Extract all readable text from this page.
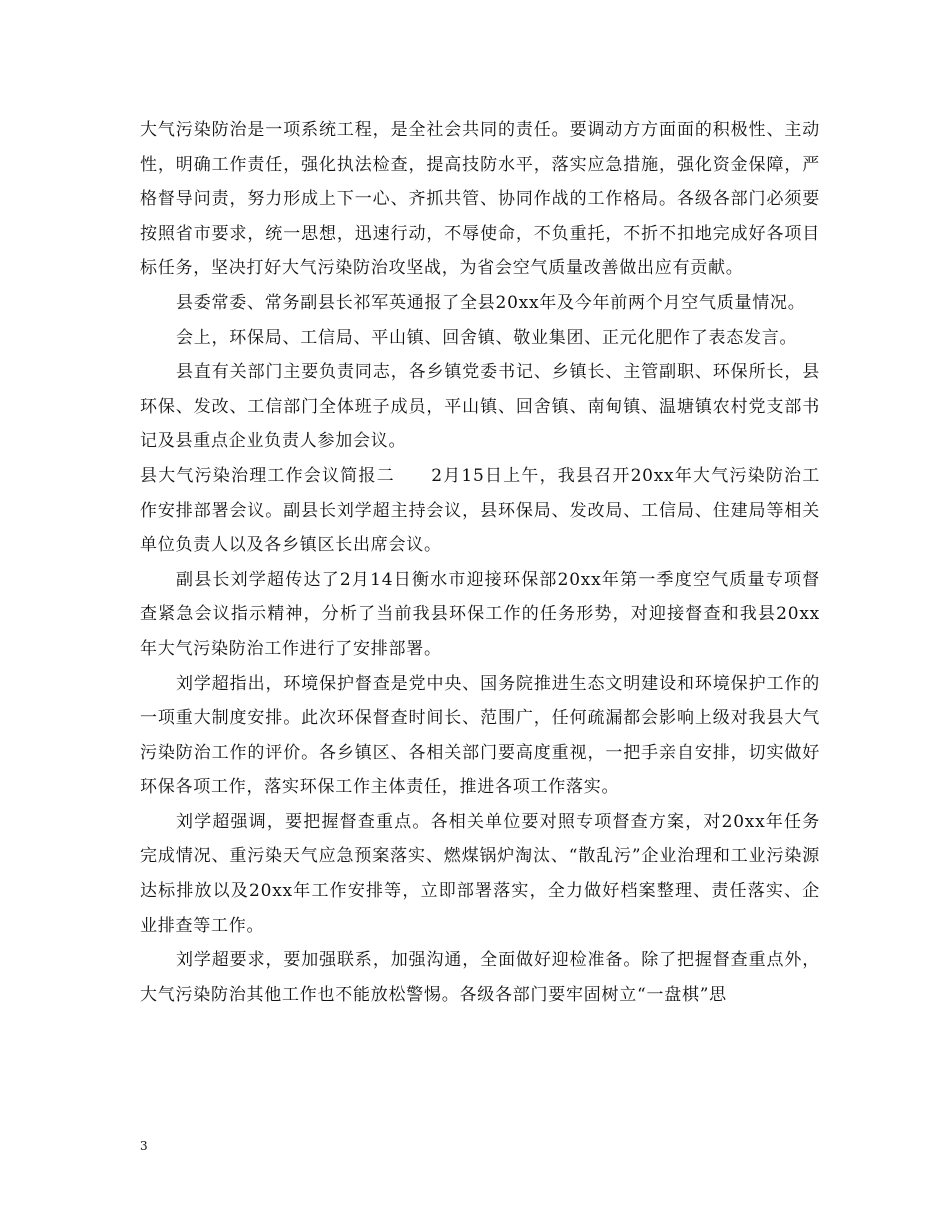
大气污染防治是一项系统工程，是全社会共同的责任。要调动方方面面的积极性、主动性，明确工作责任，强化执法检查，提高技防水平，落实应急措施，强化资金保障，严格督导问责，努力形成上下一心、齐抓共管、协同作战的工作格局。各级各部门必须要按照省市要求，统一思想，迅速行动，不辱使命，不负重托，不折不扣地完成好各项目标任务，坚决打好大气污染防治攻坚战，为省会空气质量改善做出应有贡献。

县委常委、常务副县长祁军英通报了全县20xx年及今年前两个月空气质量情况。

会上，环保局、工信局、平山镇、回舍镇、敬业集团、正元化肥作了表态发言。

县直有关部门主要负责同志，各乡镇党委书记、乡镇长、主管副职、环保所长，县环保、发改、工信部门全体班子成员，平山镇、回舍镇、南甸镇、温塘镇农村党支部书记及县重点企业负责人参加会议。

县大气污染治理工作会议简报二　　2月15日上午，我县召开20xx年大气污染防治工作安排部署会议。副县长刘学超主持会议，县环保局、发改局、工信局、住建局等相关单位负责人以及各乡镇区长出席会议。

副县长刘学超传达了2月14日衡水市迎接环保部20xx年第一季度空气质量专项督查紧急会议指示精神，分析了当前我县环保工作的任务形势，对迎接督查和我县20xx年大气污染防治工作进行了安排部署。

刘学超指出，环境保护督查是党中央、国务院推进生态文明建设和环境保护工作的一项重大制度安排。此次环保督查时间长、范围广，任何疏漏都会影响上级对我县大气污染防治工作的评价。各乡镇区、各相关部门要高度重视，一把手亲自安排，切实做好环保各项工作，落实环保工作主体责任，推进各项工作落实。

刘学超强调，要把握督查重点。各相关单位要对照专项督查方案，对20xx年任务完成情况、重污染天气应急预案落实、燃煤锅炉淘汰、“散乱污”企业治理和工业污染源达标排放以及20xx年工作安排等，立即部署落实，全力做好档案整理、责任落实、企业排查等工作。

刘学超要求，要加强联系，加强沟通，全面做好迎检准备。除了把握督查重点外，大气污染防治其他工作也不能放松警惕。各级各部门要牢固树立“一盘棋”思

3
